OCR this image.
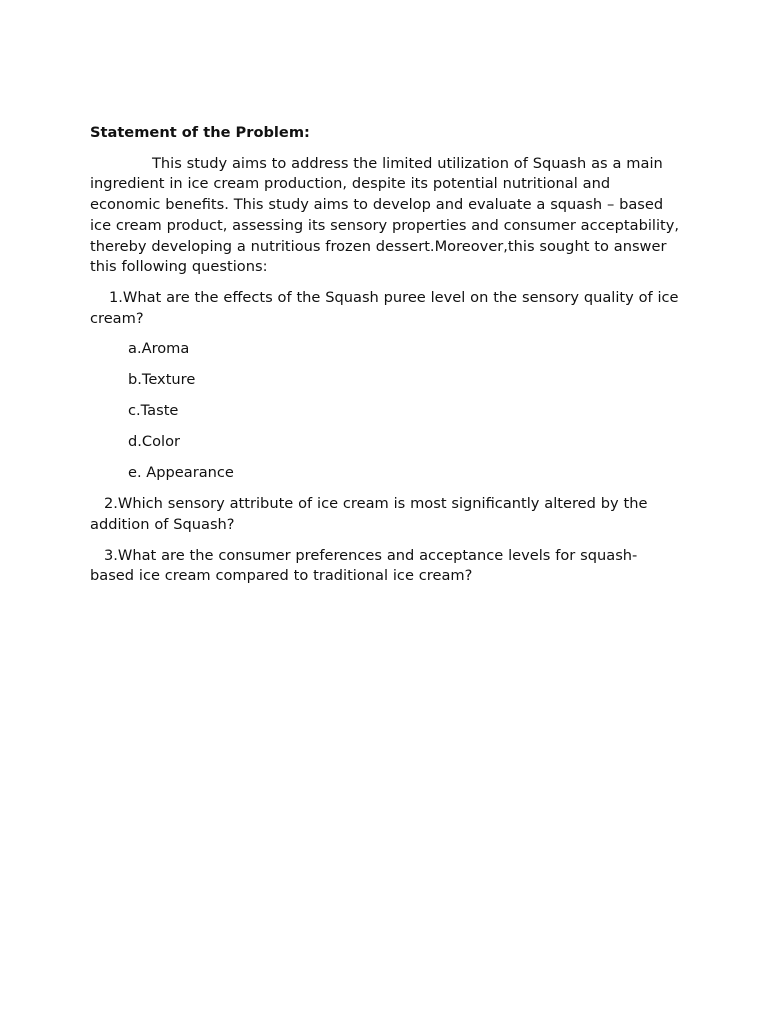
Statement of the Problem:

This study aims to address the limited utilization of Squash as a main ingredient in ice cream production, despite its potential nutritional and economic benefits. This study aims to develop and evaluate a squash – based ice cream product, assessing its sensory properties and consumer acceptability, thereby developing a nutritious frozen dessert.Moreover,this sought to answer this following questions:

1.What are the effects of the Squash puree level on the sensory quality of ice cream?

a.Aroma
b.Texture
c.Taste
d.Color
e. Appearance

2.Which sensory attribute of ice cream is most significantly altered by the addition of Squash?

3.What are the consumer preferences and acceptance levels for squash-based ice cream compared to traditional ice cream?
